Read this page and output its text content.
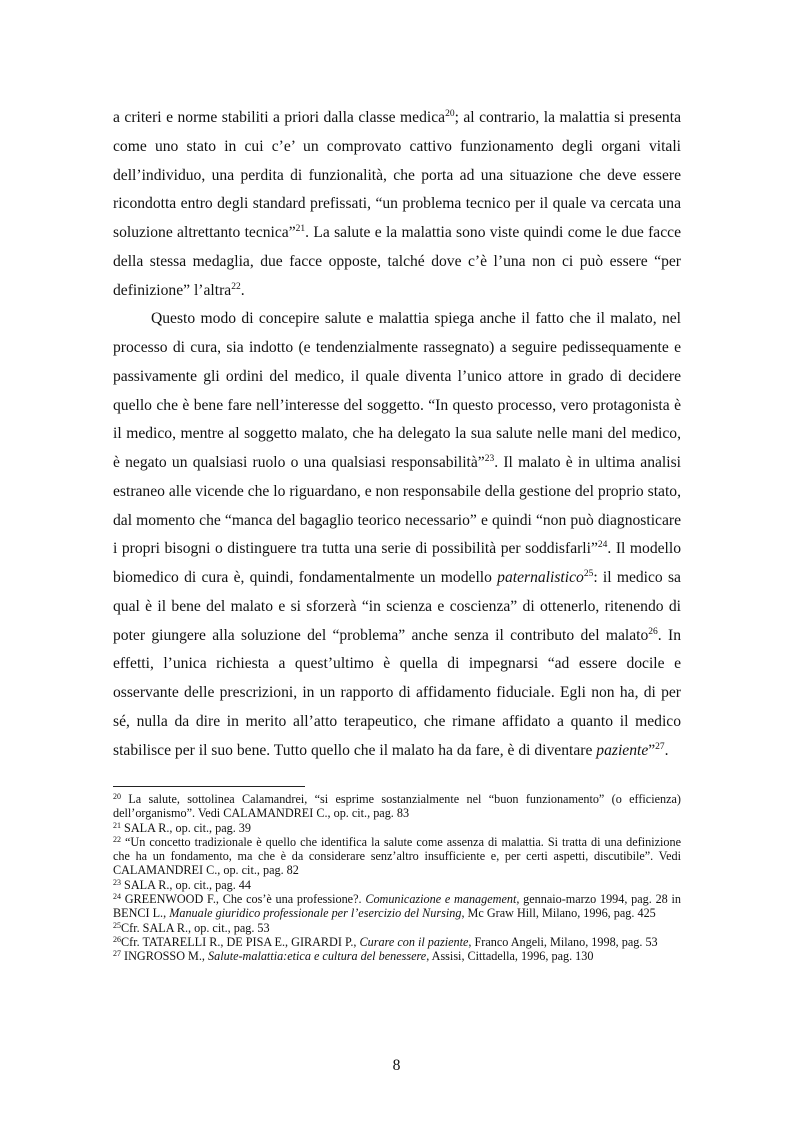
a criteri e norme stabiliti a priori dalla classe medica$^{20}$; al contrario, la malattia si presenta come uno stato in cui c’e’ un comprovato cattivo funzionamento degli organi vitali dell’individuo, una perdita di funzionalità, che porta ad una situazione che deve essere ricondotta entro degli standard prefissati, “un problema tecnico per il quale va cercata una soluzione altrettanto tecnica”$^{21}$. La salute e la malattia sono viste quindi come le due facce della stessa medaglia, due facce opposte, talché dove c’è l’una non ci può essere “per definizione” l’altra$^{22}$.

Questo modo di concepire salute e malattia spiega anche il fatto che il malato, nel processo di cura, sia indotto (e tendenzialmente rassegnato) a seguire pedissequamente e passivamente gli ordini del medico, il quale diventa l’unico attore in grado di decidere quello che è bene fare nell’interesse del soggetto. “In questo processo, vero protagonista è il medico, mentre al soggetto malato, che ha delegato la sua salute nelle mani del medico, è negato un qualsiasi ruolo o una qualsiasi responsabilità”$^{23}$. Il malato è in ultima analisi estraneo alle vicende che lo riguardano, e non responsabile della gestione del proprio stato, dal momento che “manca del bagaglio teorico necessario” e quindi “non può diagnosticare i propri bisogni o distinguere tra tutta una serie di possibilità per soddisfarli”$^{24}$. Il modello biomedico di cura è, quindi, fondamentalmente un modello paternalistico$^{25}$: il medico sa qual è il bene del malato e si sforzerà “in scienza e coscienza” di ottenerlo, ritenendo di poter giungere alla soluzione del “problema” anche senza il contributo del malato$^{26}$. In effetti, l’unica richiesta a quest’ultimo è quella di impegnarsi “ad essere docile e osservante delle prescrizioni, in un rapporto di affidamento fiduciale. Egli non ha, di per sé, nulla da dire in merito all’atto terapeutico, che rimane affidato a quanto il medico stabilisce per il suo bene. Tutto quello che il malato ha da fare, è di diventare paziente”$^{27}$.

$^{20}$ La salute, sottolinea Calamandrei, “si esprime sostanzialmente nel “buon funzionamento” (o efficienza) dell’organismo”. Vedi CALAMANDREI C., op. cit., pag. 83

$^{21}$ SALA R., op. cit., pag. 39

$^{22}$ “Un concetto tradizionale è quello che identifica la salute come assenza di malattia. Si tratta di una definizione che ha un fondamento, ma che è da considerare senz’altro insufficiente e, per certi aspetti, discutibile”. Vedi CALAMANDREI C., op. cit., pag. 82

$^{23}$ SALA R., op. cit., pag. 44

$^{24}$ GREENWOOD F., Che cos’è una professione?. Comunicazione e management, gennaio-marzo 1994, pag. 28 in BENCI L., Manuale giuridico professionale per l’esercizio del Nursing, Mc Graw Hill, Milano, 1996, pag. 425

$^{25}$Cfr. SALA R., op. cit., pag. 53

$^{26}$Cfr. TATARELLI R., DE PISA E., GIRARDI P., Curare con il paziente, Franco Angeli, Milano, 1998, pag. 53

$^{27}$ INGROSSO M., Salute-malattia:etica e cultura del benessere, Assisi, Cittadella, 1996, pag. 130

8
